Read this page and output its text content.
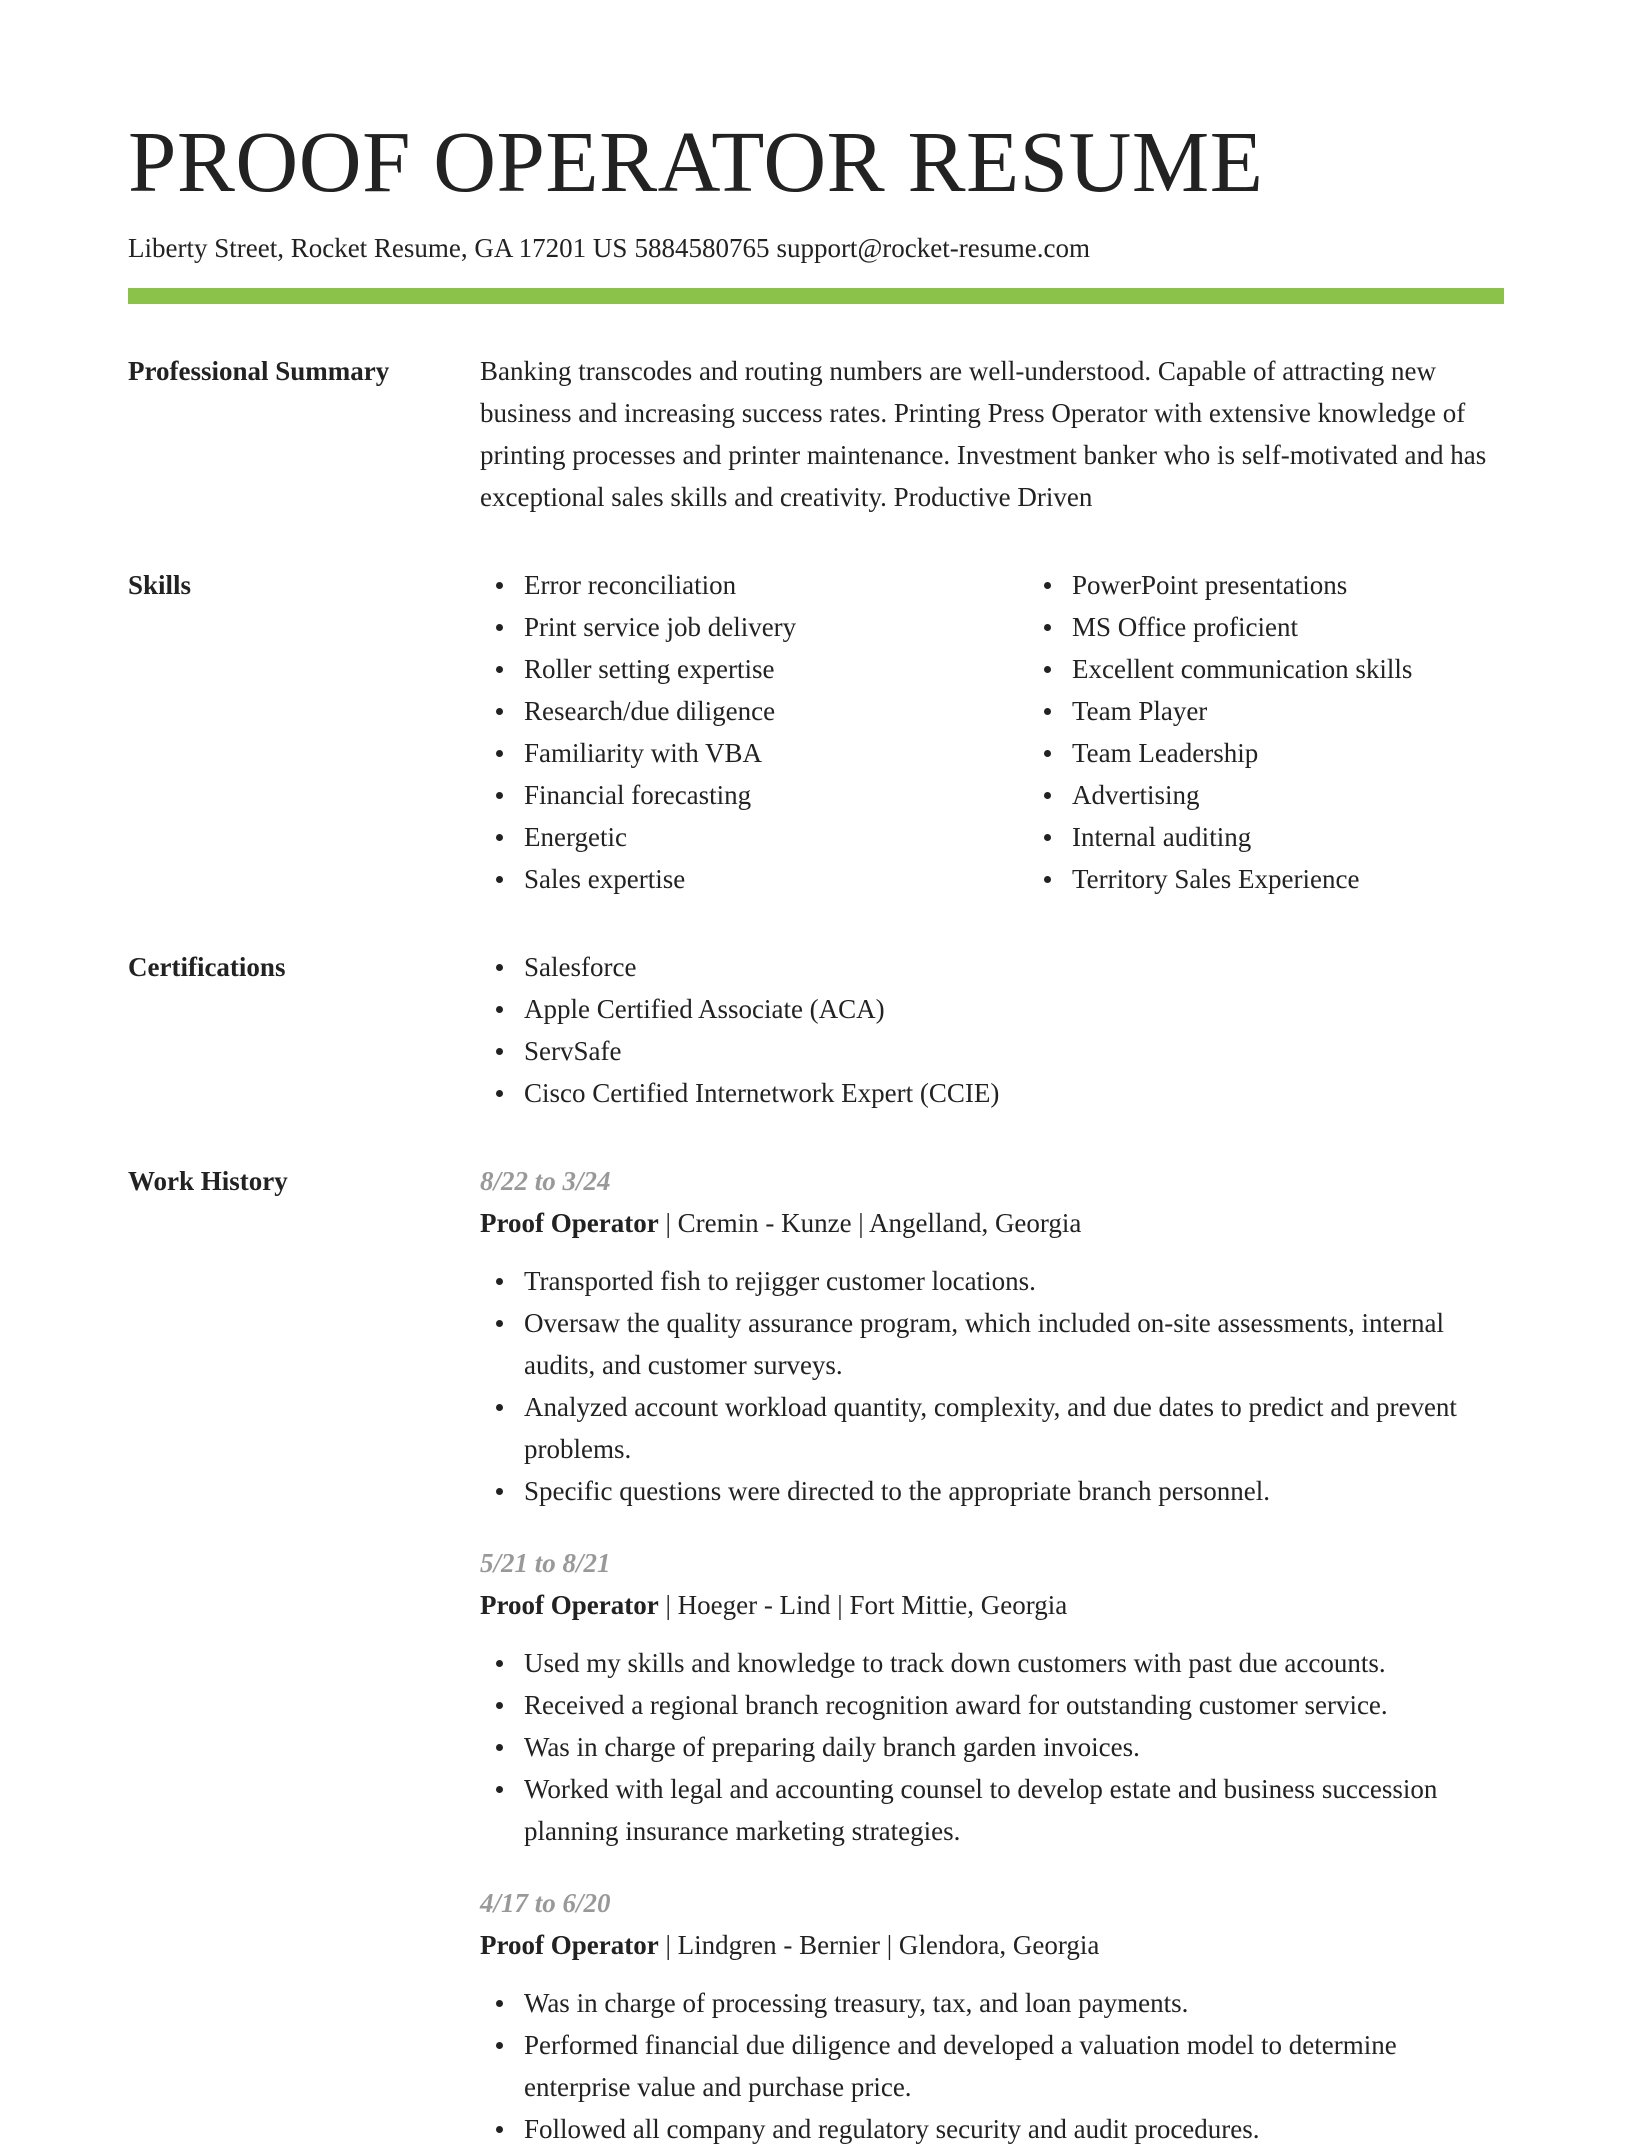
PROOF OPERATOR RESUME
Liberty Street, Rocket Resume, GA 17201 US 5884580765 support@rocket-resume.com
Professional Summary	Banking transcodes and routing numbers are well-understood. Capable of attracting new business and increasing success rates. Printing Press Operator with extensive knowledge of printing processes and printer maintenance. Investment banker who is self-motivated and has exceptional sales skills and creativity. Productive Driven

Skills	Error reconciliation
Print service job delivery
Roller setting expertise
Research/due diligence
Familiarity with VBA
Financial forecasting
Energetic
Sales expertise
PowerPoint presentations
MS Office proficient
Excellent communication skills
Team Player
Team Leadership
Advertising
Internal auditing
Territory Sales Experience
Certifications	Salesforce
Apple Certified Associate (ACA)
ServSafe
Cisco Certified Internetwork Expert (CCIE)
Work History	8/22 to 3/24
Proof Operator | Cremin - Kunze | Angelland, Georgia
Transported fish to rejigger customer locations.
Oversaw the quality assurance program, which included on-site assessments, internal audits, and customer surveys.
Analyzed account workload quantity, complexity, and due dates to predict and prevent problems.
Specific questions were directed to the appropriate branch personnel.
5/21 to 8/21
Proof Operator | Hoeger - Lind | Fort Mittie, Georgia
Used my skills and knowledge to track down customers with past due accounts.
Received a regional branch recognition award for outstanding customer service.
Was in charge of preparing daily branch garden invoices.
Worked with legal and accounting counsel to develop estate and business succession planning insurance marketing strategies.
4/17 to 6/20
Proof Operator | Lindgren - Bernier | Glendora, Georgia
Was in charge of processing treasury, tax, and loan payments.
Performed financial due diligence and developed a valuation model to determine enterprise value and purchase price.
Followed all company and regulatory security and audit procedures.
